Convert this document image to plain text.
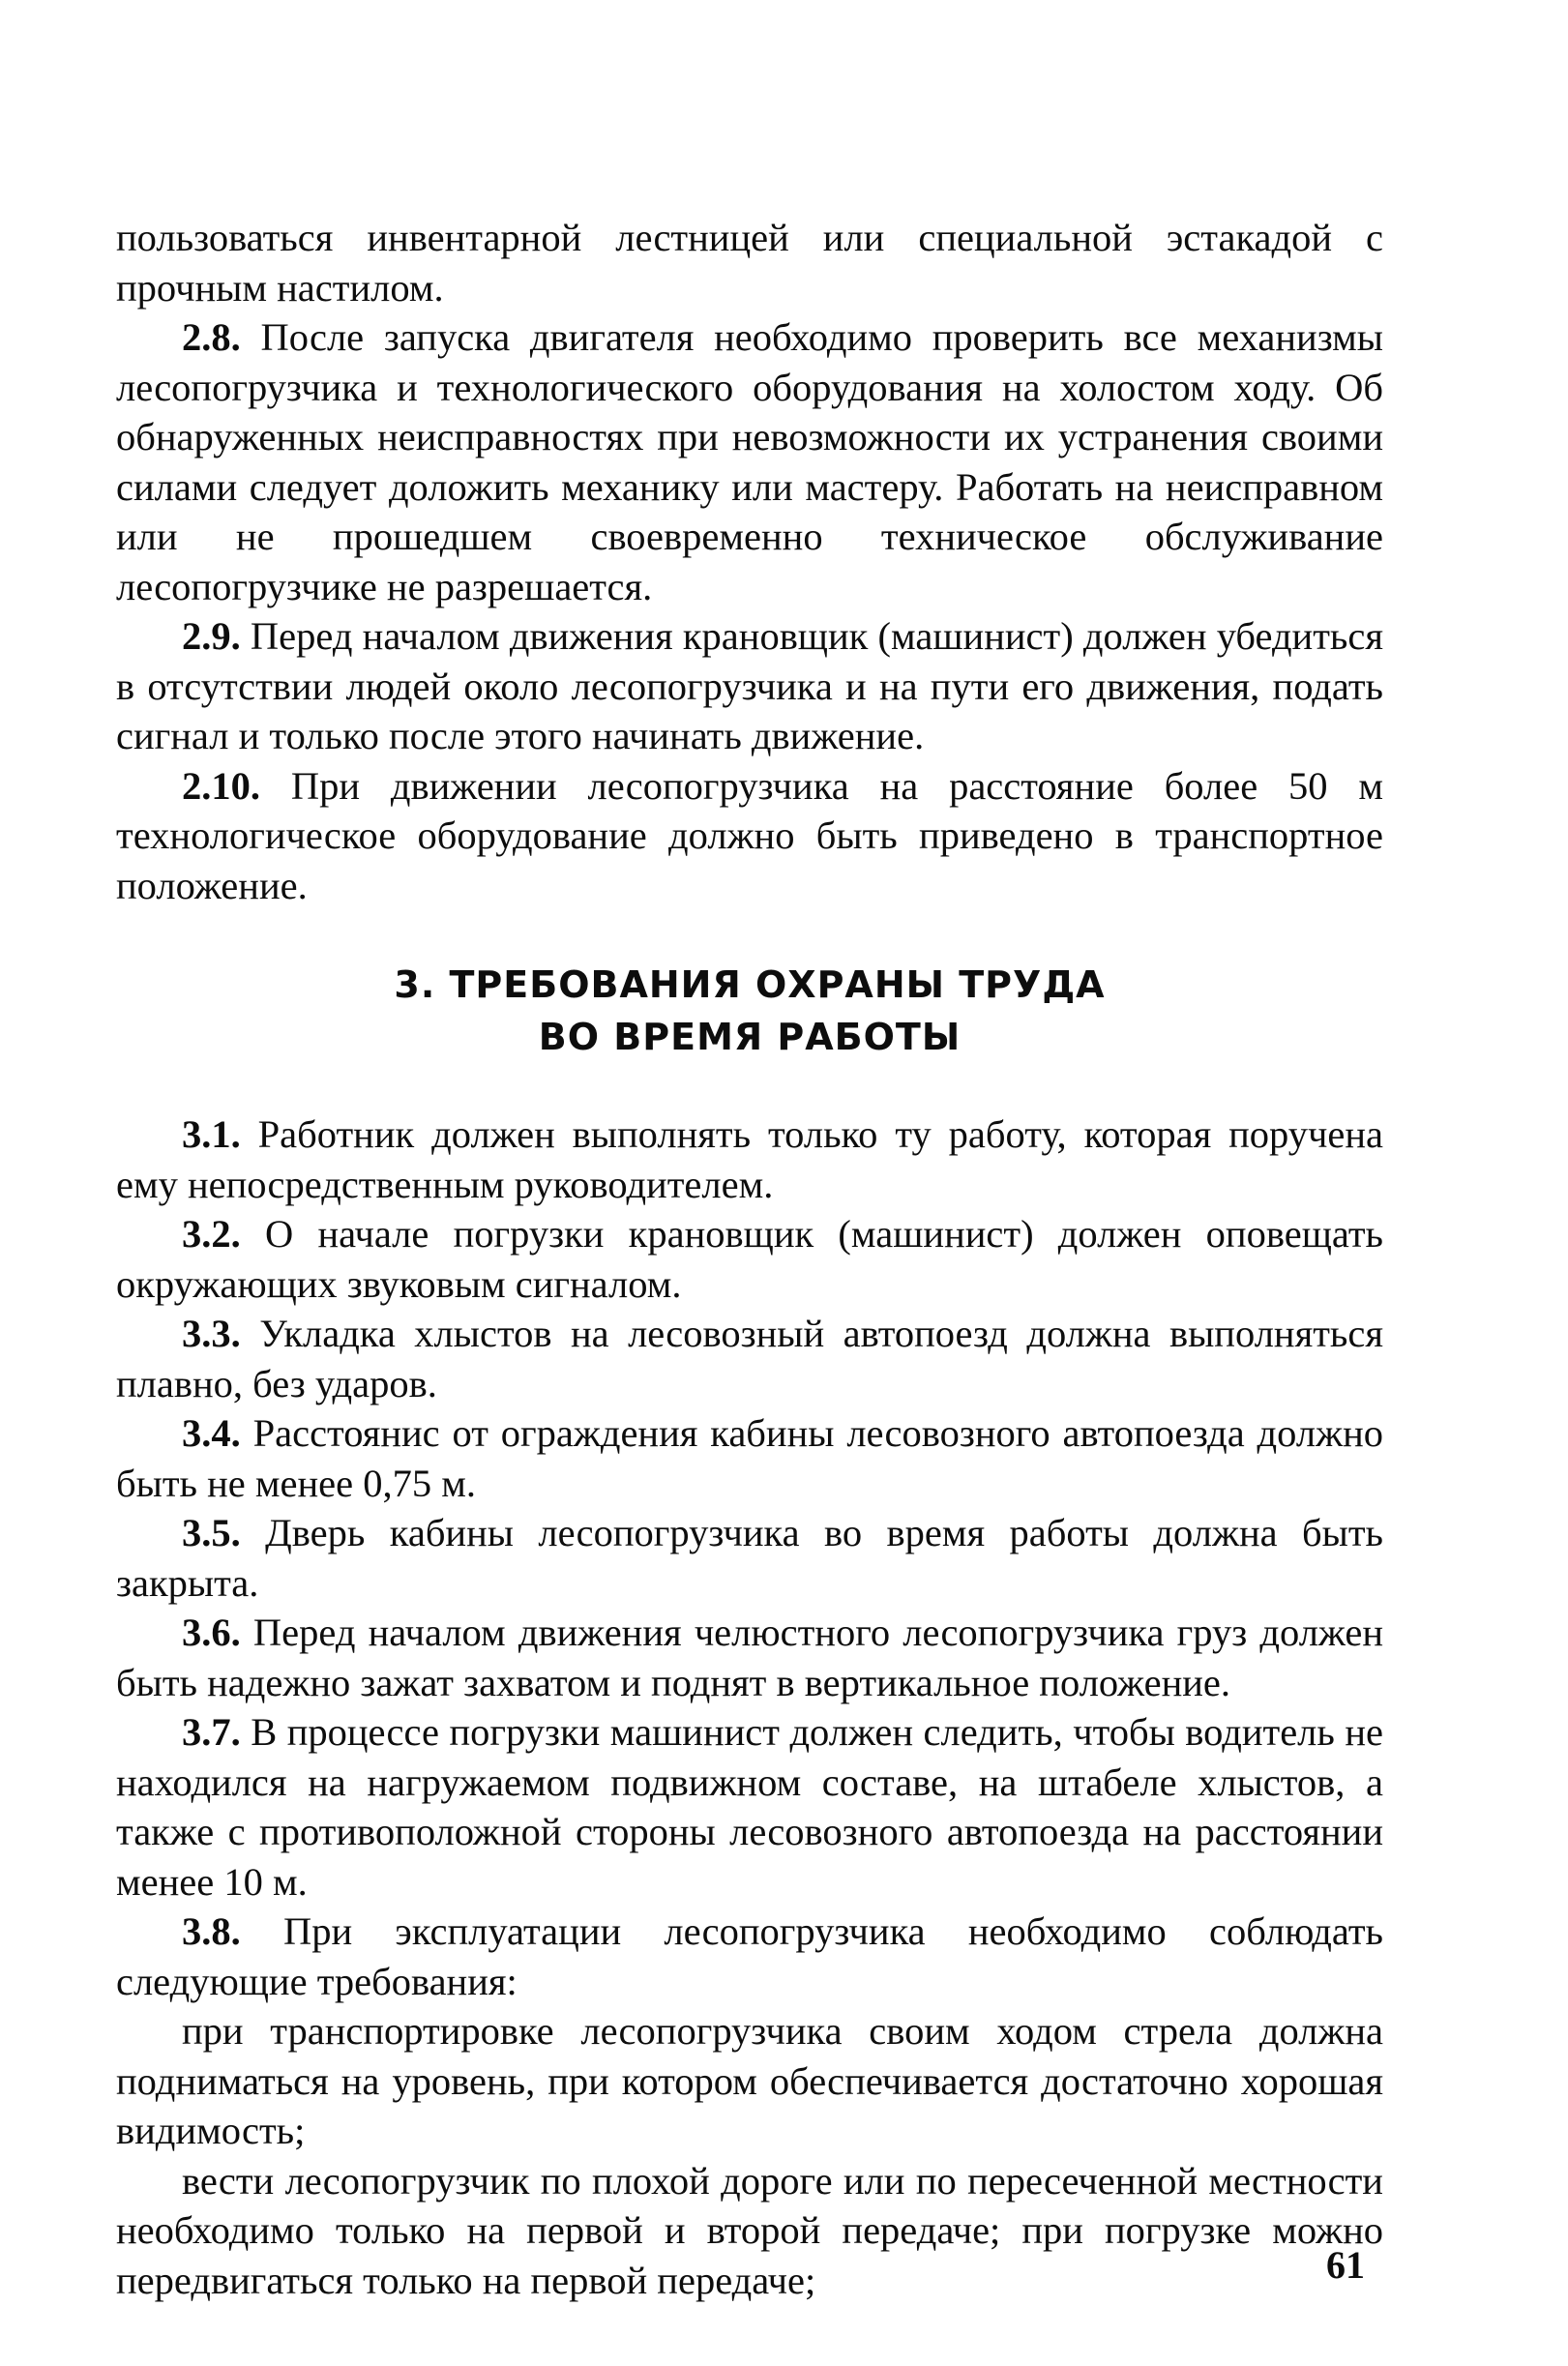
пользоваться инвентарной лестницей или специальной эстакадой с прочным настилом.

2.8. После запуска двигателя необходимо проверить все механизмы лесопогрузчика и технологического оборудования на холостом ходу. Об обнаруженных неисправностях при невозможности их устранения своими силами следует доложить механику или мастеру. Работать на неисправном или не прошедшем своевременно техническое обслуживание лесопогрузчике не разрешается.

2.9. Перед началом движения крановщик (машинист) должен убедиться в отсутствии людей около лесопогрузчика и на пути его движения, подать сигнал и только после этого начинать движение.

2.10. При движении лесопогрузчика на расстояние более 50 м технологическое оборудование должно быть приведено в транспортное положение.

3. ТРЕБОВАНИЯ ОХРАНЫ ТРУДА
ВО ВРЕМЯ РАБОТЫ

3.1. Работник должен выполнять только ту работу, которая поручена ему непосредственным руководителем.

3.2. О начале погрузки крановщик (машинист) должен оповещать окружающих звуковым сигналом.

3.3. Укладка хлыстов на лесовозный автопоезд должна выполняться плавно, без ударов.

3.4. Расстоянис от ограждения кабины лесовозного автопоезда должно быть не менее 0,75 м.

3.5. Дверь кабины лесопогрузчика во время работы должна быть закрыта.

3.6. Перед началом движения челюстного лесопогрузчика груз должен быть надежно зажат захватом и поднят в вертикальное положение.

3.7. В процессе погрузки машинист должен следить, чтобы водитель не находился на нагружаемом подвижном составе, на штабеле хлыстов, а также с противоположной стороны лесовозного автопоезда на расстоянии менее 10 м.

3.8. При эксплуатации лесопогрузчика необходимо соблюдать следующие требования:

при транспортировке лесопогрузчика своим ходом стрела должна подниматься на уровень, при котором обеспечивается достаточно хорошая видимость;

вести лесопогрузчик по плохой дороге или по пересеченной местности необходимо только на первой и второй передаче; при погрузке можно передвигаться только на первой передаче;	61
